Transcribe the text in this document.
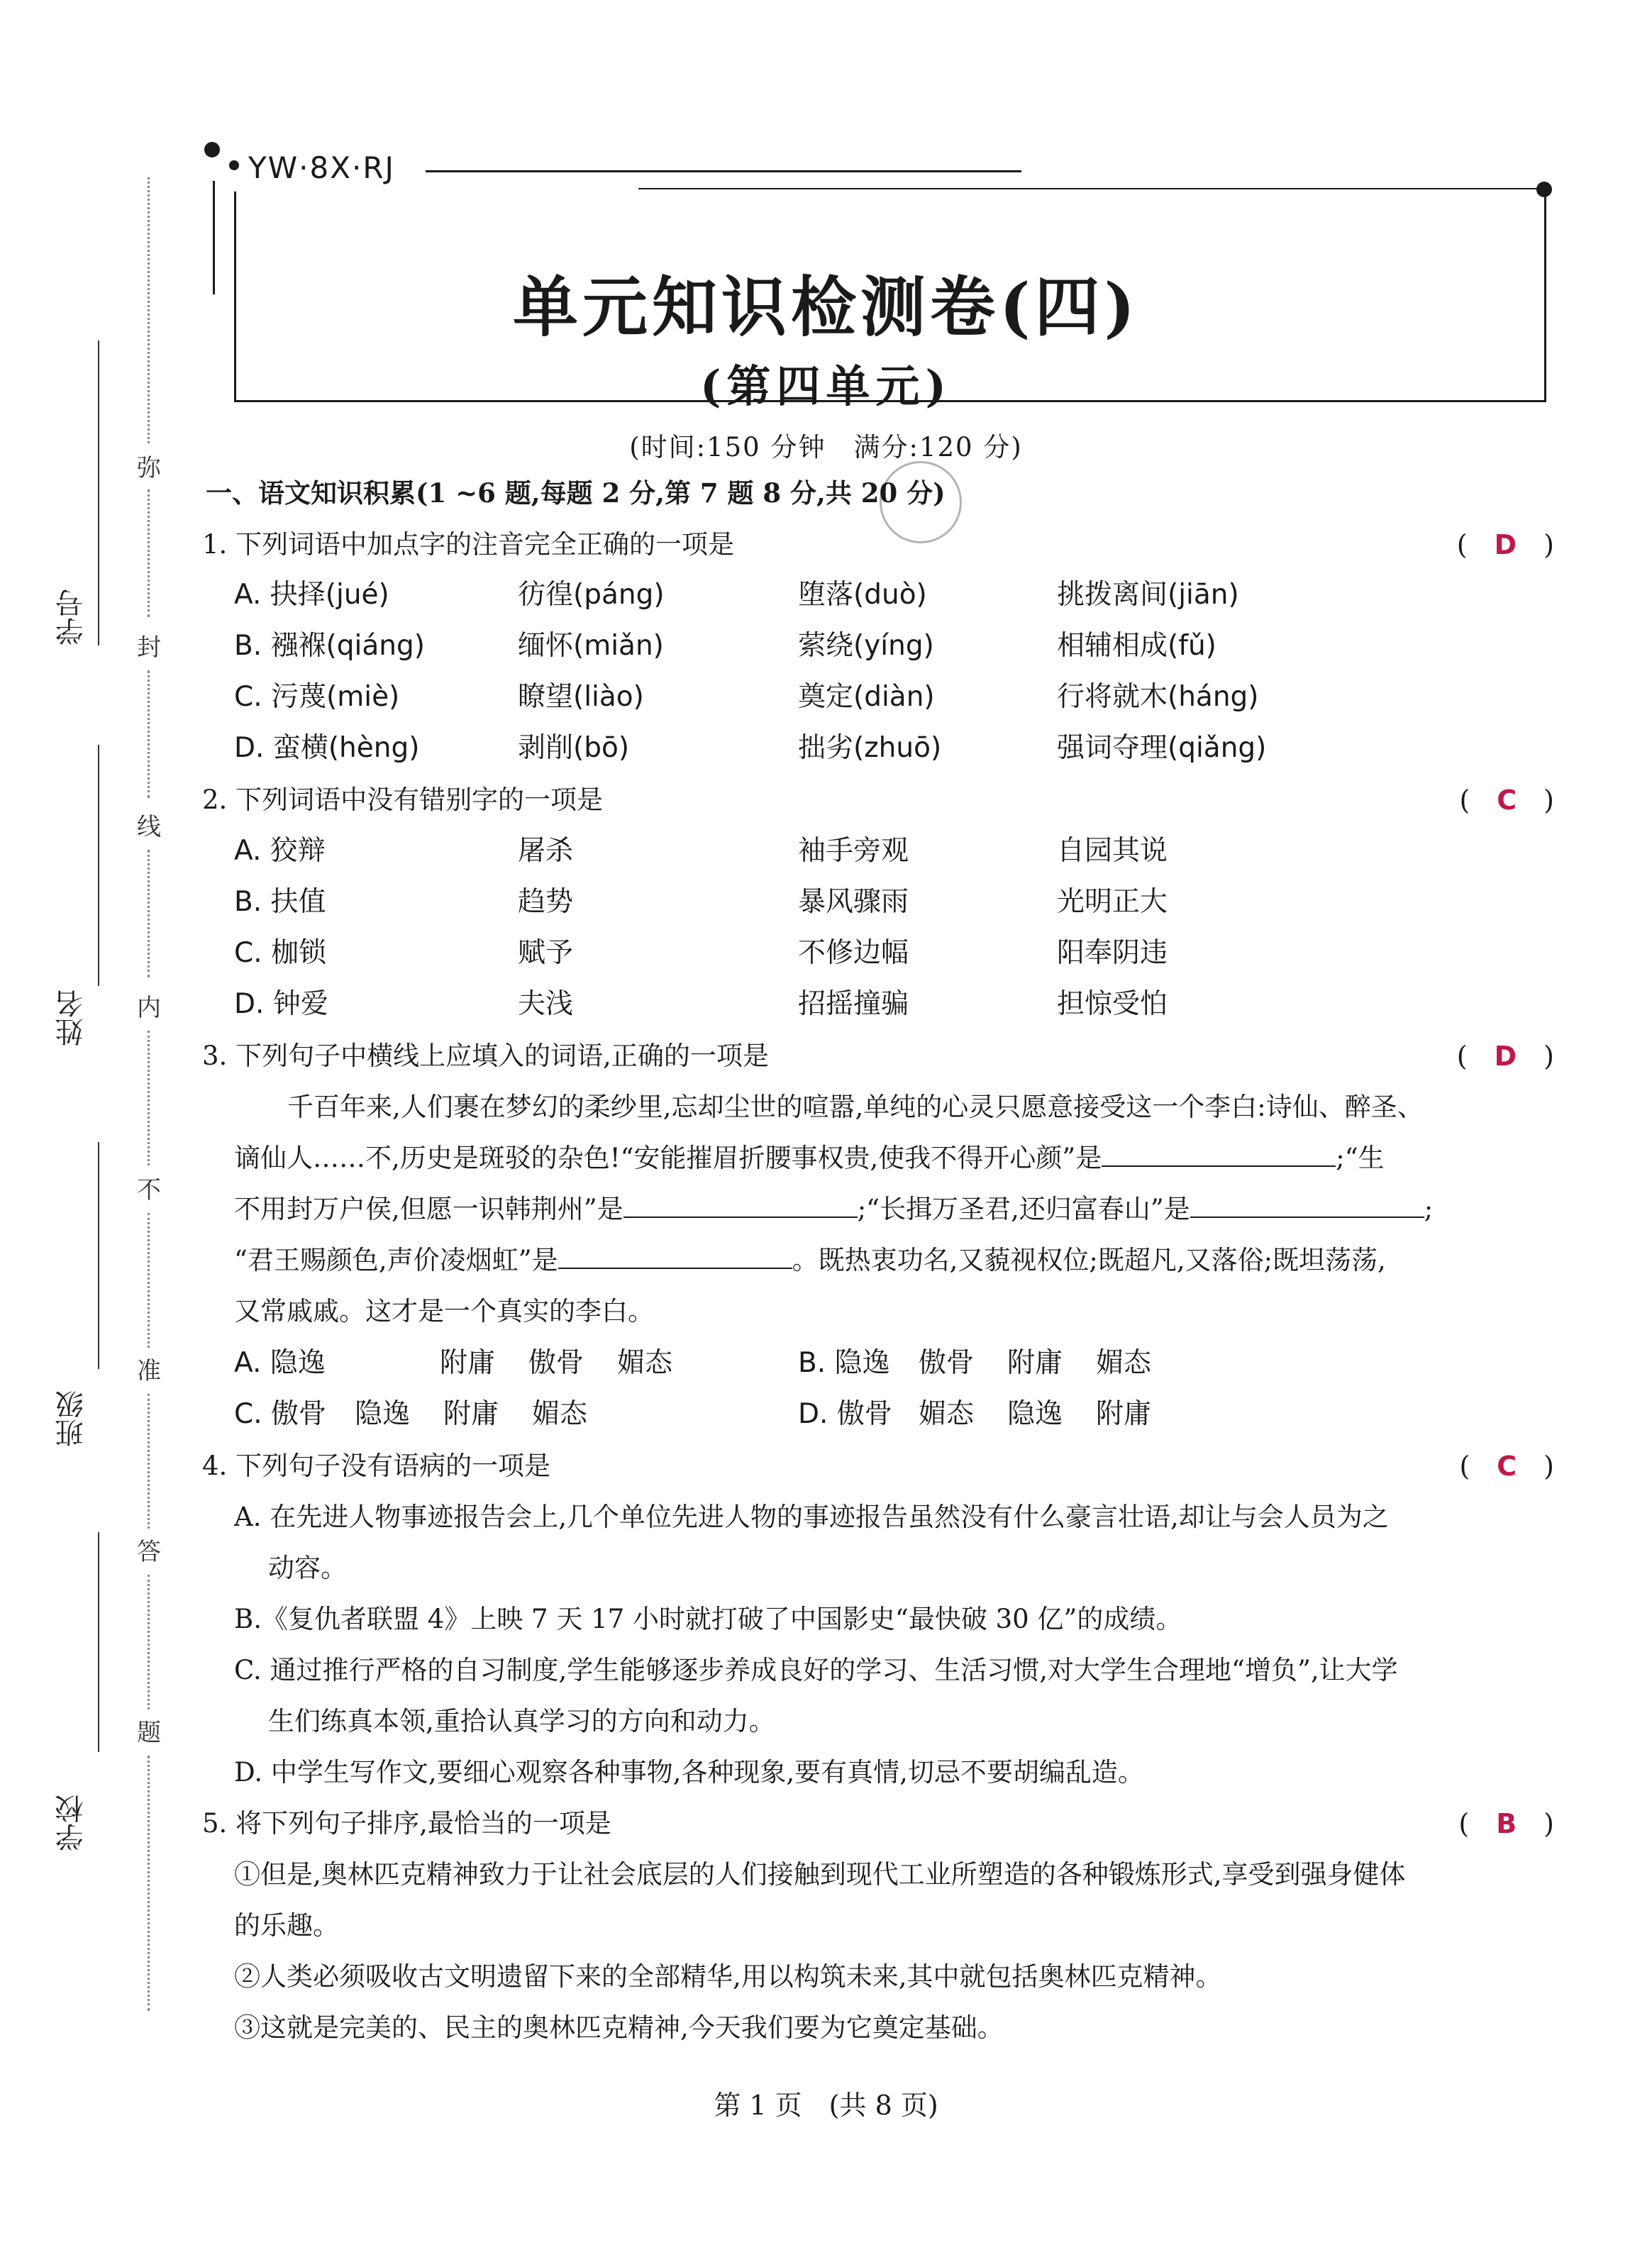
YW·8X·RJ
单元知识检测卷(四)
(第四单元)
(时间:150 分钟　满分:120 分)
学号
姓名
班级
学校
弥
封
线
内
不
准
答
题
一、语文知识积累(1 ~6 题,每题 2 分,第 7 题 8 分,共 20 分)
1. 下列词语中加点字的注音完全正确的一项是	(　D　)
A. 抉择(jué)	彷徨(páng)	堕落(duò)	挑拨离间(jiān)
B. 襁褓(qiáng)	缅怀(miǎn)	萦绕(yíng)	相辅相成(fǔ)
C. 污蔑(miè)	瞭望(liào)	奠定(diàn)	行将就木(háng)
D. 蛮横(hèng)	剥削(bō)	拙劣(zhuō)	强词夺理(qiǎng)
2. 下列词语中没有错别字的一项是	(　C　)
A. 狡辩	屠杀	袖手旁观	自园其说
B. 扶值	趋势	暴风骤雨	光明正大
C. 枷锁	赋予	不修边幅	阳奉阴违
D. 钟爱	夫浅	招摇撞骗	担惊受怕
3. 下列句子中横线上应填入的词语,正确的一项是	(　D　)
千百年来,人们裹在梦幻的柔纱里,忘却尘世的喧嚣,单纯的心灵只愿意接受这一个李白:诗仙、醉圣、
谪仙人……不,历史是斑驳的杂色!“安能摧眉折腰事权贵,使我不得开心颜”是	;“生
不用封万户侯,但愿一识韩荆州”是	;“长揖万圣君,还归富春山”是	;
“君王赐颜色,声价凌烟虹”是	。既热衷功名,又藐视权位;既超凡,又落俗;既坦荡荡,
又常戚戚。这才是一个真实的李白。
A. 隐逸	附庸 傲骨 媚态	B. 隐逸 傲骨 附庸 媚态
C. 傲骨 隐逸 附庸 媚态	D. 傲骨 媚态 隐逸 附庸
4. 下列句子没有语病的一项是	(　C　)
A. 在先进人物事迹报告会上,几个单位先进人物的事迹报告虽然没有什么豪言壮语,却让与会人员为之
动容。
B.《复仇者联盟 4》上映 7 天 17 小时就打破了中国影史“最快破 30 亿”的成绩。
C. 通过推行严格的自习制度,学生能够逐步养成良好的学习、生活习惯,对大学生合理地“增负”,让大学
生们练真本领,重拾认真学习的方向和动力。
D. 中学生写作文,要细心观察各种事物,各种现象,要有真情,切忌不要胡编乱造。
5. 将下列句子排序,最恰当的一项是	(　B　)
①但是,奥林匹克精神致力于让社会底层的人们接触到现代工业所塑造的各种锻炼形式,享受到强身健体
的乐趣。
②人类必须吸收古文明遗留下来的全部精华,用以构筑未来,其中就包括奥林匹克精神。
③这就是完美的、民主的奥林匹克精神,今天我们要为它奠定基础。
第 1 页　(共 8 页)
